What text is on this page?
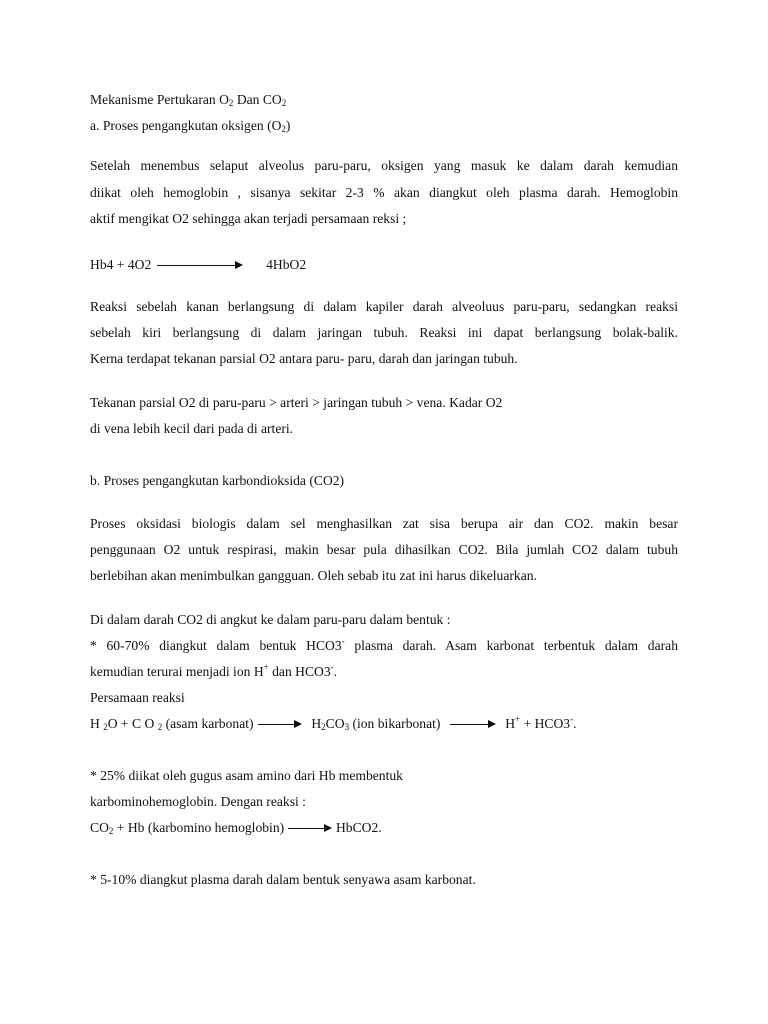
Mekanisme Pertukaran $O_2$ Dan $CO_2$
a. Proses pengangkutan oksigen $(O_2)$
Setelah menembus selaput alveolus paru-paru, oksigen yang masuk ke dalam darah kemudian
diikat oleh hemoglobin , sisanya sekitar 2-3 % akan diangkut oleh plasma darah. Hemoglobin
aktif mengikat O2 sehingga akan terjadi persamaan reksi ;
Hb4 + 4O2	4HbO2
Reaksi sebelah kanan berlangsung di dalam kapiler darah alveoluus paru-paru, sedangkan reaksi
sebelah kiri berlangsung di dalam jaringan tubuh. Reaksi ini dapat berlangsung bolak-balik.
Kerna terdapat tekanan parsial O2 antara paru- paru, darah dan jaringan tubuh.
Tekanan parsial O2 di paru-paru > arteri > jaringan tubuh > vena. Kadar O2
di vena lebih kecil dari pada di arteri.
b. Proses pengangkutan karbondioksida (CO2)
Proses oksidasi biologis dalam sel menghasilkan zat sisa berupa air dan CO2. makin besar
penggunaan O2 untuk respirasi, makin besar pula dihasilkan CO2. Bila jumlah CO2 dalam tubuh
berlebihan akan menimbulkan gangguan. Oleh sebab itu zat ini harus dikeluarkan.
Di dalam darah CO2 di angkut ke dalam paru-paru dalam bentuk :
* 60-70% diangkut dalam bentuk HCO3- plasma darah. Asam karbonat terbentuk dalam darah
kemudian terurai menjadi ion H+ dan HCO3-.
Persamaan reaksi
H $_2$O + C O $_2$ (asam karbonat)	$H_2CO_3$ (ion bikarbonat)	H+ + HCO3-.
* 25% diikat oleh gugus asam amino dari Hb membentuk
karbominohemoglobin. Dengan reaksi :
$CO_2 + Hb$ (karbomino hemoglobin)	HbCO2.
* 5-10% diangkut plasma darah dalam bentuk senyawa asam karbonat.
